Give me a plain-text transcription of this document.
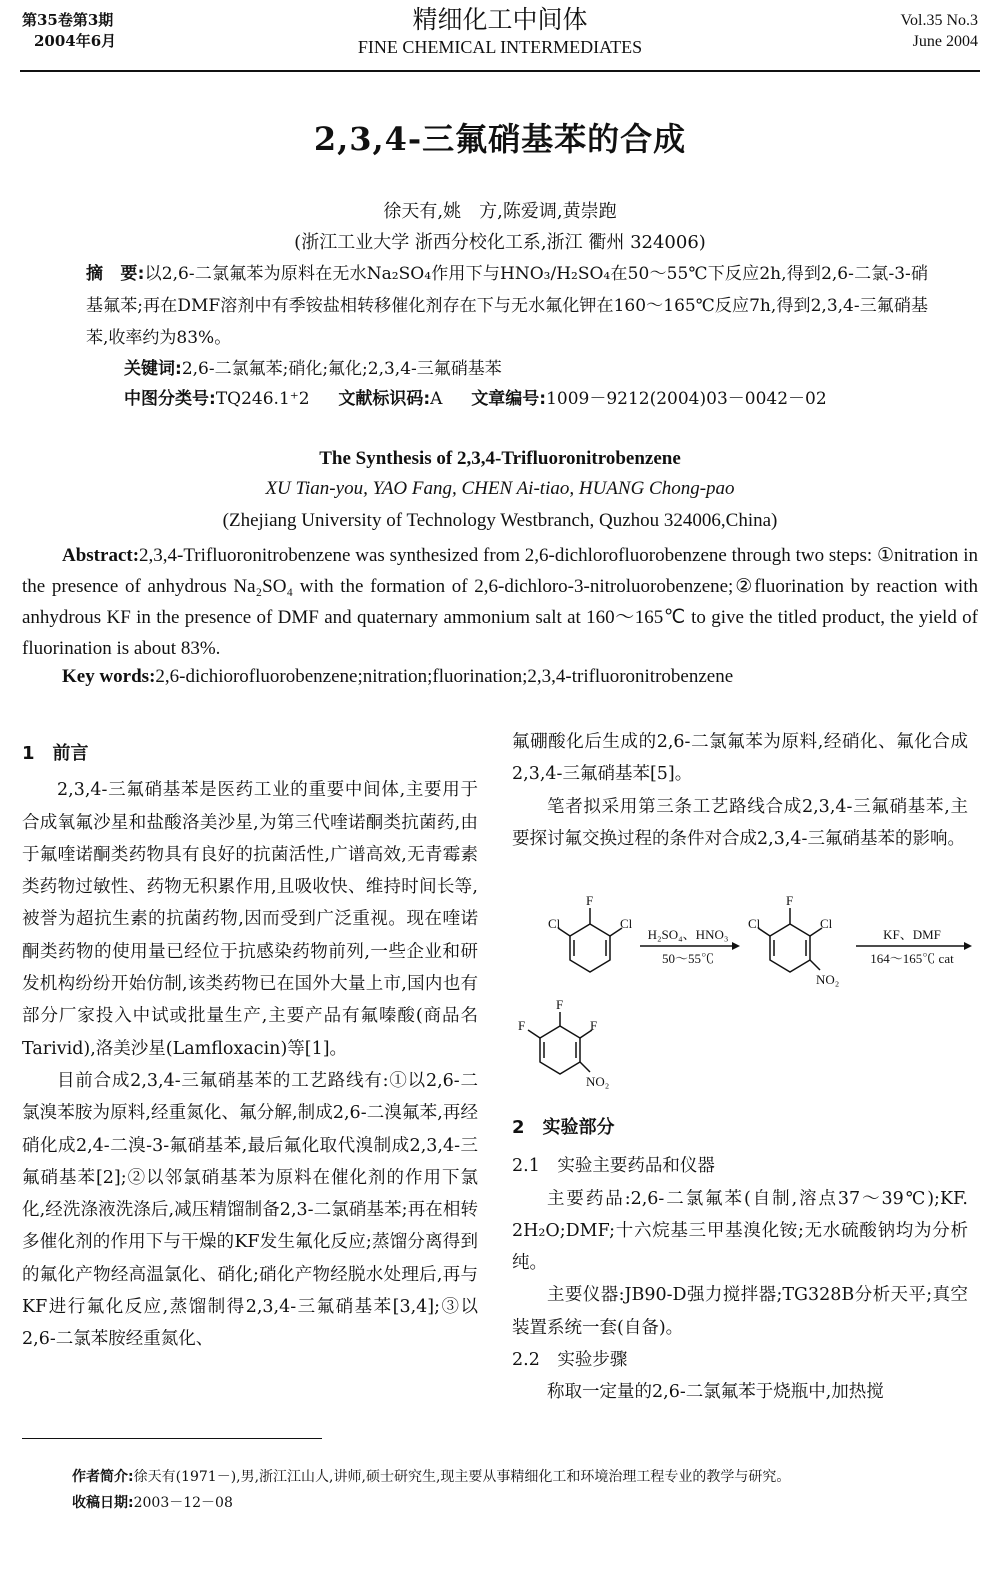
第35卷第3期
2004年6月
精细化工中间体
FINE CHEMICAL INTERMEDIATES
Vol.35 No.3
June 2004
2,3,4-三氟硝基苯的合成
徐天有,姚　方,陈爱调,黄崇跑
(浙江工业大学 浙西分校化工系,浙江 衢州 324006)
摘　要:以2,6-二氯氟苯为原料在无水Na₂SO₄作用下与HNO₃/H₂SO₄在50～55℃下反应2h,得到2,6-二氯-3-硝基氟苯;再在DMF溶剂中有季铵盐相转移催化剂存在下与无水氟化钾在160～165℃反应7h,得到2,3,4-三氟硝基苯,收率约为83%。
关键词:2,6-二氯氟苯;硝化;氟化;2,3,4-三氟硝基苯
中图分类号:TQ246.1⁺2 文献标识码:A 文章编号:1009－9212(2004)03－0042－02
The Synthesis of 2,3,4-Trifluoronitrobenzene
XU Tian-you, YAO Fang, CHEN Ai-tiao, HUANG Chong-pao
(Zhejiang University of Technology Westbranch, Quzhou 324006,China)
Abstract:2,3,4-Trifluoronitrobenzene was synthesized from 2,6-dichlorofluorobenzene through two steps: ①nitration in the presence of anhydrous Na₂SO₄ with the formation of 2,6-dichloro-3-nitroluorobenzene;②fluorination by reaction with anhydrous KF in the presence of DMF and quaternary ammonium salt at 160～165℃ to give the titled product, the yield of fluorination is about 83%.
Key words:2,6-dichiorofluorobenzene;nitration;fluorination;2,3,4-trifluoronitrobenzene
1　前言

2,3,4-三氟硝基苯是医药工业的重要中间体,主要用于合成氧氟沙星和盐酸洛美沙星,为第三代喹诺酮类抗菌药,由于氟喹诺酮类药物具有良好的抗菌活性,广谱高效,无青霉素类药物过敏性、药物无积累作用,且吸收快、维持时间长等,被誉为超抗生素的抗菌药物,因而受到广泛重视。现在喹诺酮类药物的使用量已经位于抗感染药物前列,一些企业和研发机构纷纷开始仿制,该类药物已在国外大量上市,国内也有部分厂家投入中试或批量生产,主要产品有氟嗪酸(商品名 Tarivid),洛美沙星(Lamfloxacin)等[1]。

目前合成2,3,4-三氟硝基苯的工艺路线有:①以2,6-二氯溴苯胺为原料,经重氮化、氟分解,制成2,6-二溴氟苯,再经硝化成2,4-二溴-3-氟硝基苯,最后氟化取代溴制成2,3,4-三氟硝基苯[2];②以邻氯硝基苯为原料在催化剂的作用下氯化,经洗涤液洗涤后,减压精馏制备2,3-二氯硝基苯;再在相转多催化剂的作用下与干燥的KF发生氟化反应;蒸馏分离得到的氟化产物经高温氯化、硝化;硝化产物经脱水处理后,再与KF进行氟化反应,蒸馏制得2,3,4-三氟硝基苯[3,4];③以2,6-二氯苯胺经重氮化、

氟硼酸化后生成的2,6-二氯氟苯为原料,经硝化、氟化合成2,3,4-三氟硝基苯[5]。

笔者拟采用第三条工艺路线合成2,3,4-三氟硝基苯,主要探讨氟交换过程的条件对合成2,3,4-三氟硝基苯的影响。

F
Cl	Cl
F
Cl	Cl
NO₂
F
F	F
NO₂
H₂SO₄、HNO₃
50～55℃
KF、DMF
164～165℃ cat
2　实验部分
2.1　实验主要药品和仪器

主要药品:2,6-二氯氟苯(自制,溶点37～39℃);KF. 2H₂O;DMF;十六烷基三甲基溴化铵;无水硫酸钠均为分析纯。

主要仪器:JB90-D强力搅拌器;TG328B分析天平;真空装置系统一套(自备)。

2.2　实验步骤

称取一定量的2,6-二氯氟苯于烧瓶中,加热搅

作者简介:徐天有(1971－),男,浙江江山人,讲师,硕士研究生,现主要从事精细化工和环境治理工程专业的教学与研究。
收稿日期:2003－12－08
